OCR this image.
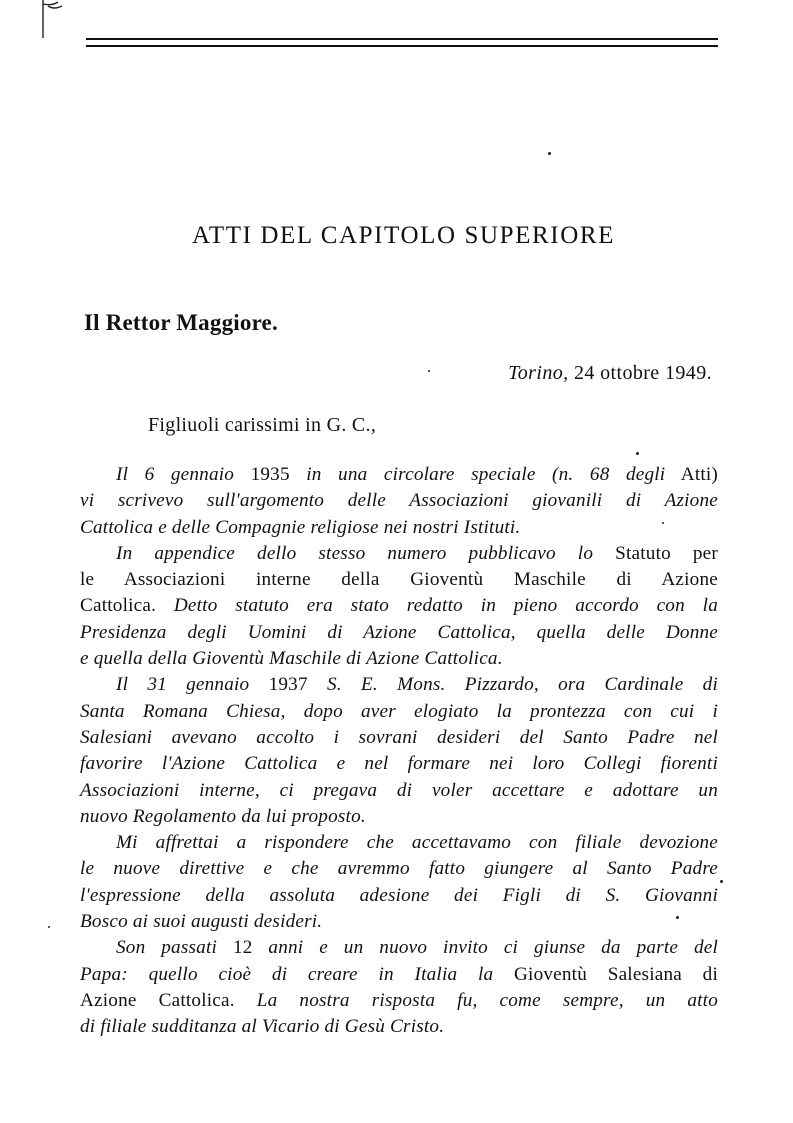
ATTI DEL CAPITOLO SUPERIORE
Il Rettor Maggiore.
Torino, 24 ottobre 1949.
Figliuoli carissimi in G. C.,
Il 6 gennaio 1935 in una circolare speciale (n. 68 degli Atti)
vi scrivevo sull'argomento delle Associazioni giovanili di Azione
Cattolica e delle Compagnie religiose nei nostri Istituti.
In appendice dello stesso numero pubblicavo lo Statuto per
le Associazioni interne della Gioventù Maschile di Azione
Cattolica. Detto statuto era stato redatto in pieno accordo con la
Presidenza degli Uomini di Azione Cattolica, quella delle Donne
e quella della Gioventù Maschile di Azione Cattolica.
Il 31 gennaio 1937 S. E. Mons. Pizzardo, ora Cardinale di
Santa Romana Chiesa, dopo aver elogiato la prontezza con cui i
Salesiani avevano accolto i sovrani desideri del Santo Padre nel
favorire l'Azione Cattolica e nel formare nei loro Collegi fiorenti
Associazioni interne, ci pregava di voler accettare e adottare un
nuovo Regolamento da lui proposto.
Mi affrettai a rispondere che accettavamo con filiale devozione
le nuove direttive e che avremmo fatto giungere al Santo Padre
l'espressione della assoluta adesione dei Figli di S. Giovanni
Bosco ai suoi augusti desideri.
Son passati 12 anni e un nuovo invito ci giunse da parte del
Papa: quello cioè di creare in Italia la Gioventù Salesiana di
Azione Cattolica. La nostra risposta fu, come sempre, un atto
di filiale sudditanza al Vicario di Gesù Cristo.
